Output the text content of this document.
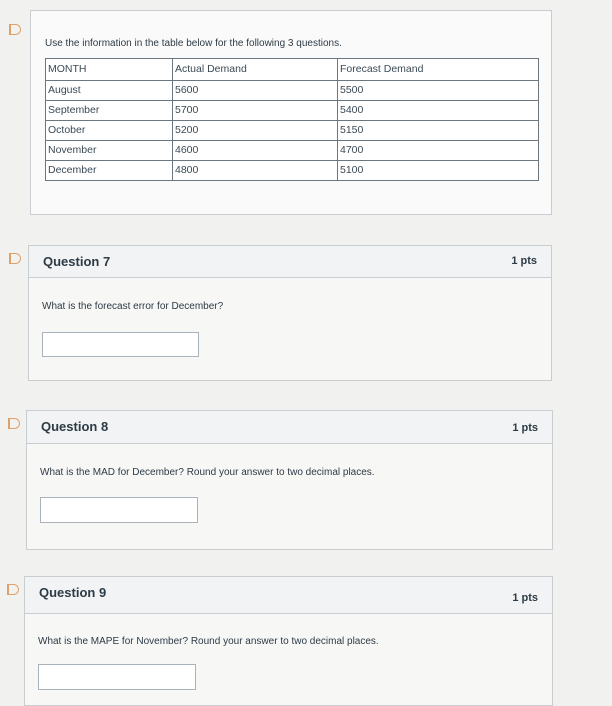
Use the information in the table below for the following 3 questions.
MONTH	Actual Demand	Forecast Demand
August	5600	5500
September	5700	5400
October	5200	5150
November	4600	4700
December	4800	5100
Question 7	1 pts
What is the forecast error for December?
Question 8	1 pts
What is the MAD for December? Round your answer to two decimal places.
Question 9	1 pts
What is the MAPE for November? Round your answer to two decimal places.
